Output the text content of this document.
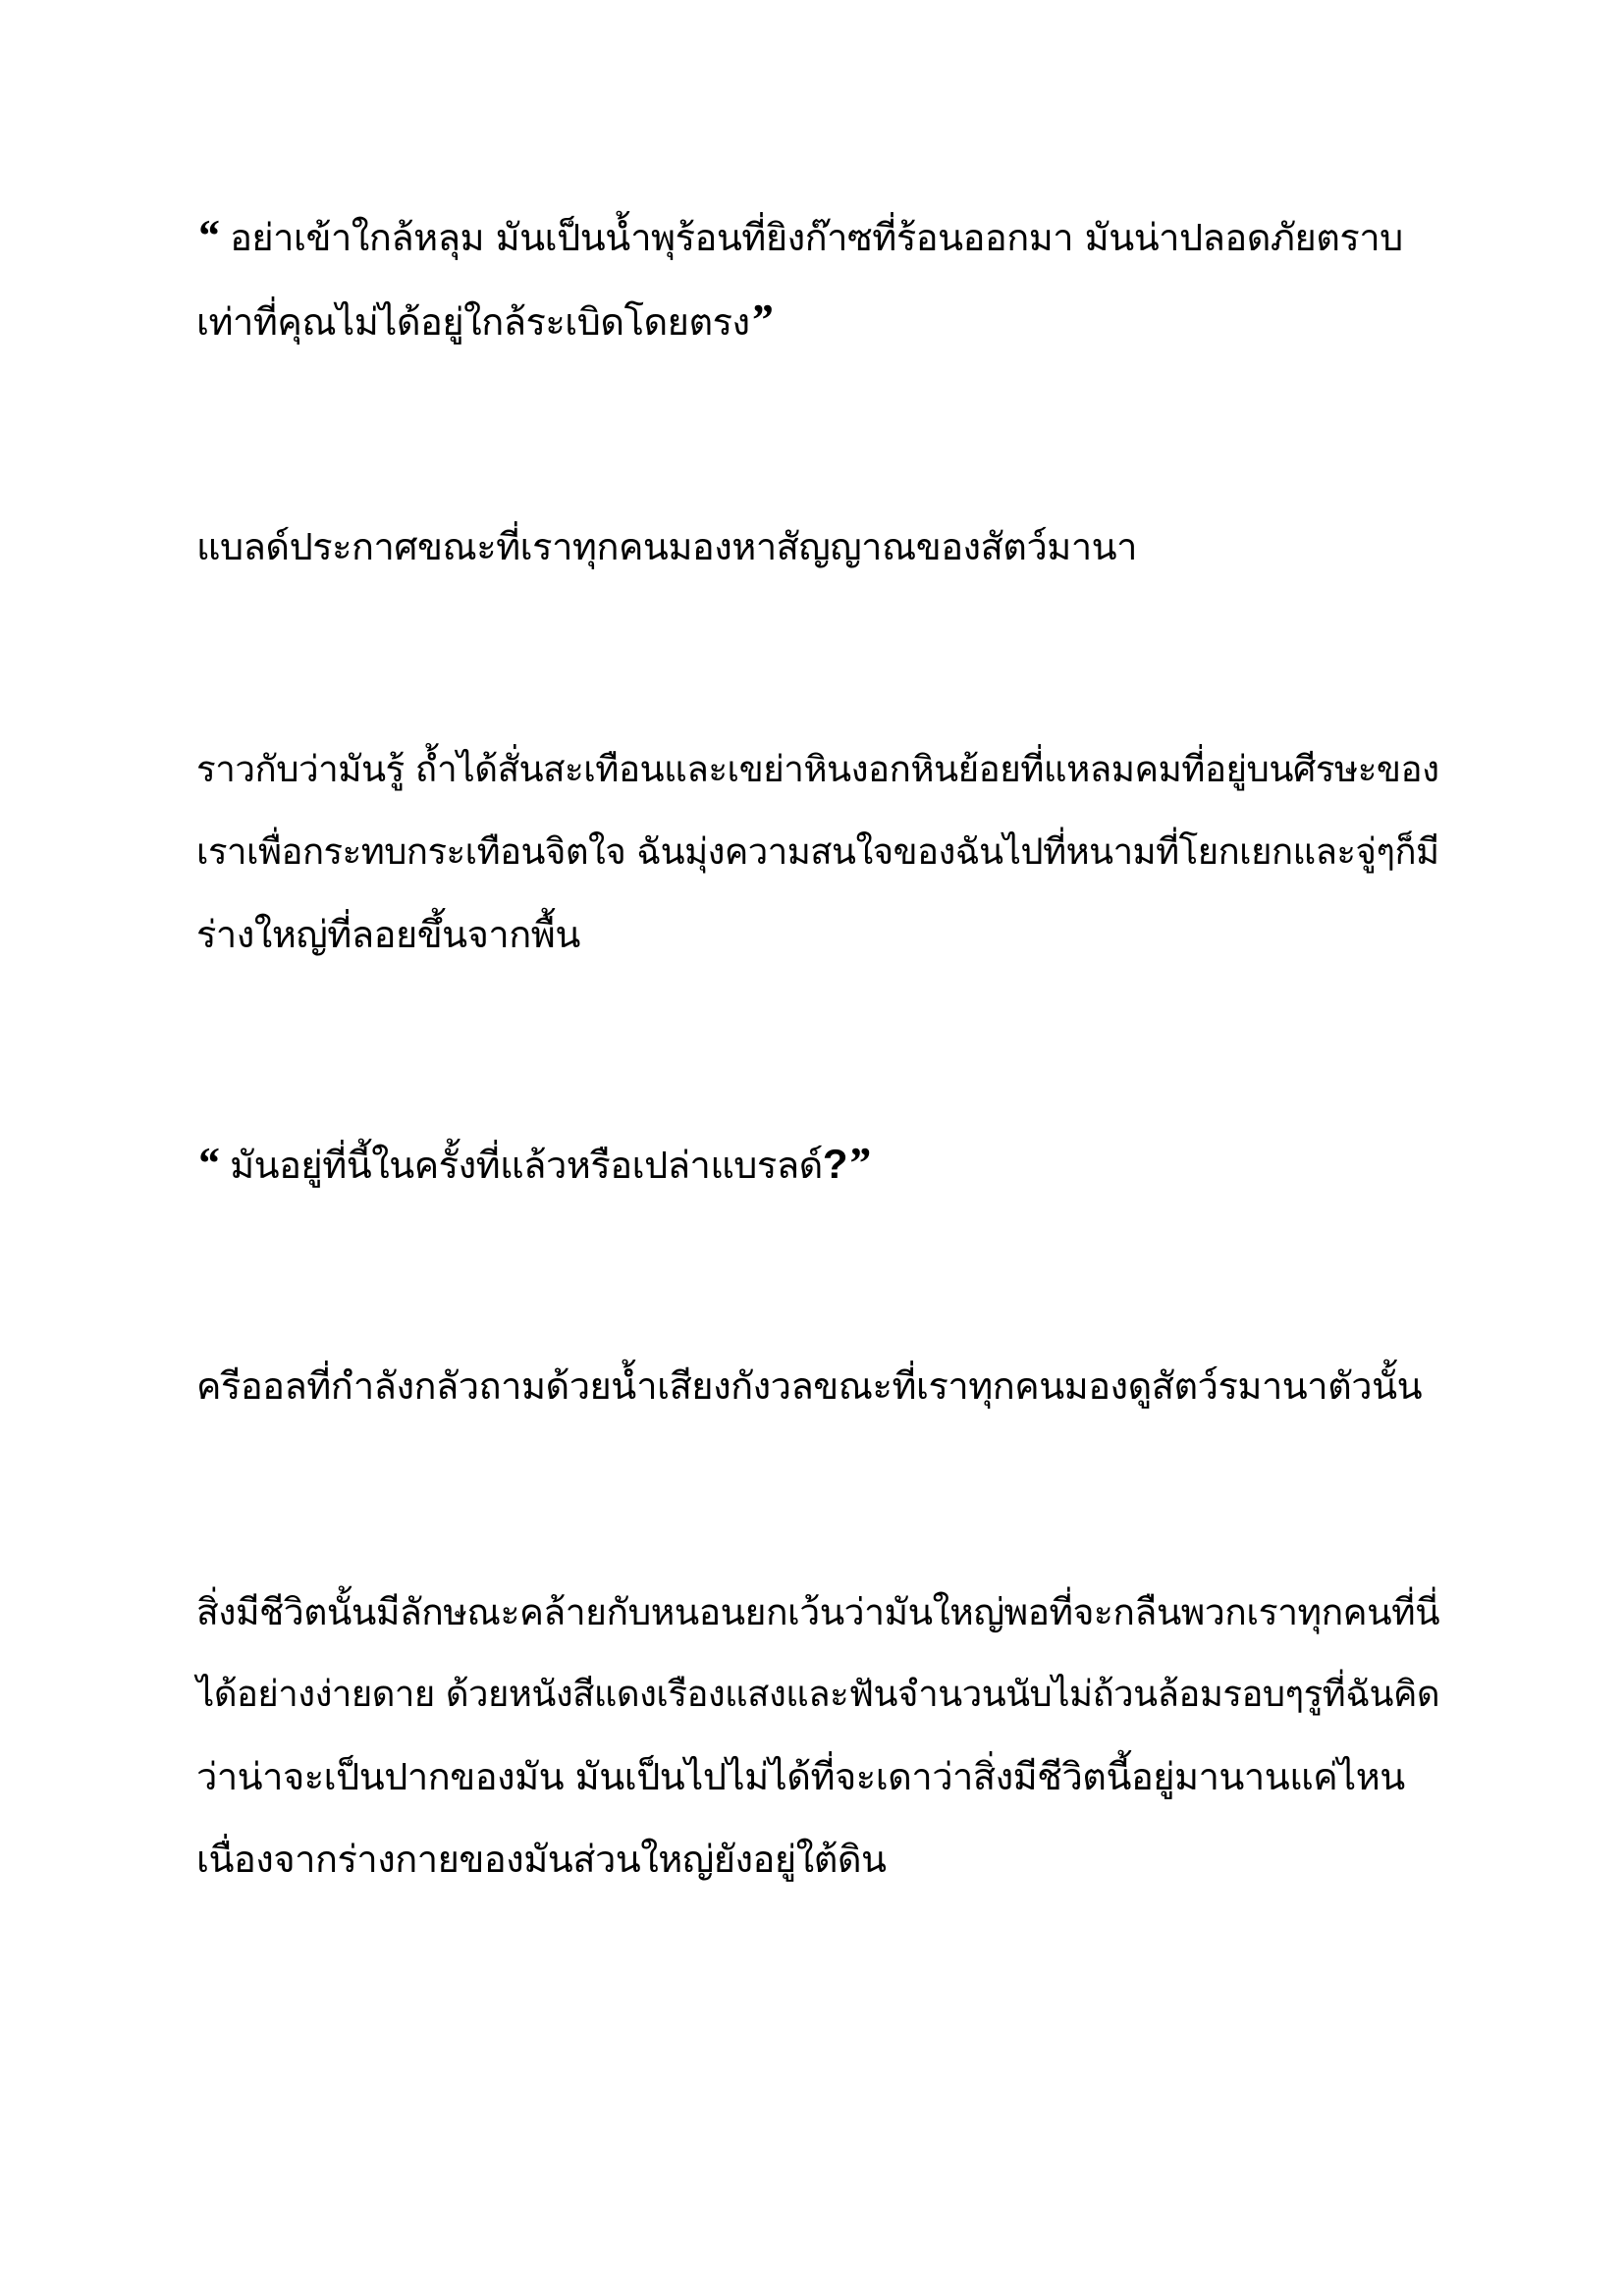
“ อย่าเข้าใกล้หลุม มันเป็นน้ำพุร้อนที่ยิงก๊าซที่ร้อนออกมา มันน่าปลอดภัยตราบ
เท่าที่คุณไม่ได้อยู่ใกล้ระเบิดโดยตรง”

แบลด์ประกาศขณะที่เราทุกคนมองหาสัญญาณของสัตว์มานา

ราวกับว่ามันรู้ ถ้ำได้สั่นสะเทือนและเขย่าหินงอกหินย้อยที่แหลมคมที่อยู่บนศีรษะของ
เราเพื่อกระทบกระเทือนจิตใจ ฉันมุ่งความสนใจของฉันไปที่หนามที่โยกเยกและจู่ๆก็มี
ร่างใหญ่ที่ลอยขึ้นจากพื้น

“ มันอยู่ที่นี้ในครั้งที่แล้วหรือเปล่าแบรลด์?”

ครีออลที่กำลังกลัวถามด้วยน้ำเสียงกังวลขณะที่เราทุกคนมองดูสัตว์รมานาตัวนั้น

สิ่งมีชีวิตนั้นมีลักษณะคล้ายกับหนอนยกเว้นว่ามันใหญ่พอที่จะกลืนพวกเราทุกคนที่นี่
ได้อย่างง่ายดาย ด้วยหนังสีแดงเรืองแสงและฟันจำนวนนับไม่ถ้วนล้อมรอบๆรูที่ฉันคิด
ว่าน่าจะเป็นปากของมัน มันเป็นไปไม่ได้ที่จะเดาว่าสิ่งมีชีวิตนี้อยู่มานานแค่ไหน
เนื่องจากร่างกายของมันส่วนใหญ่ยังอยู่ใต้ดิน
